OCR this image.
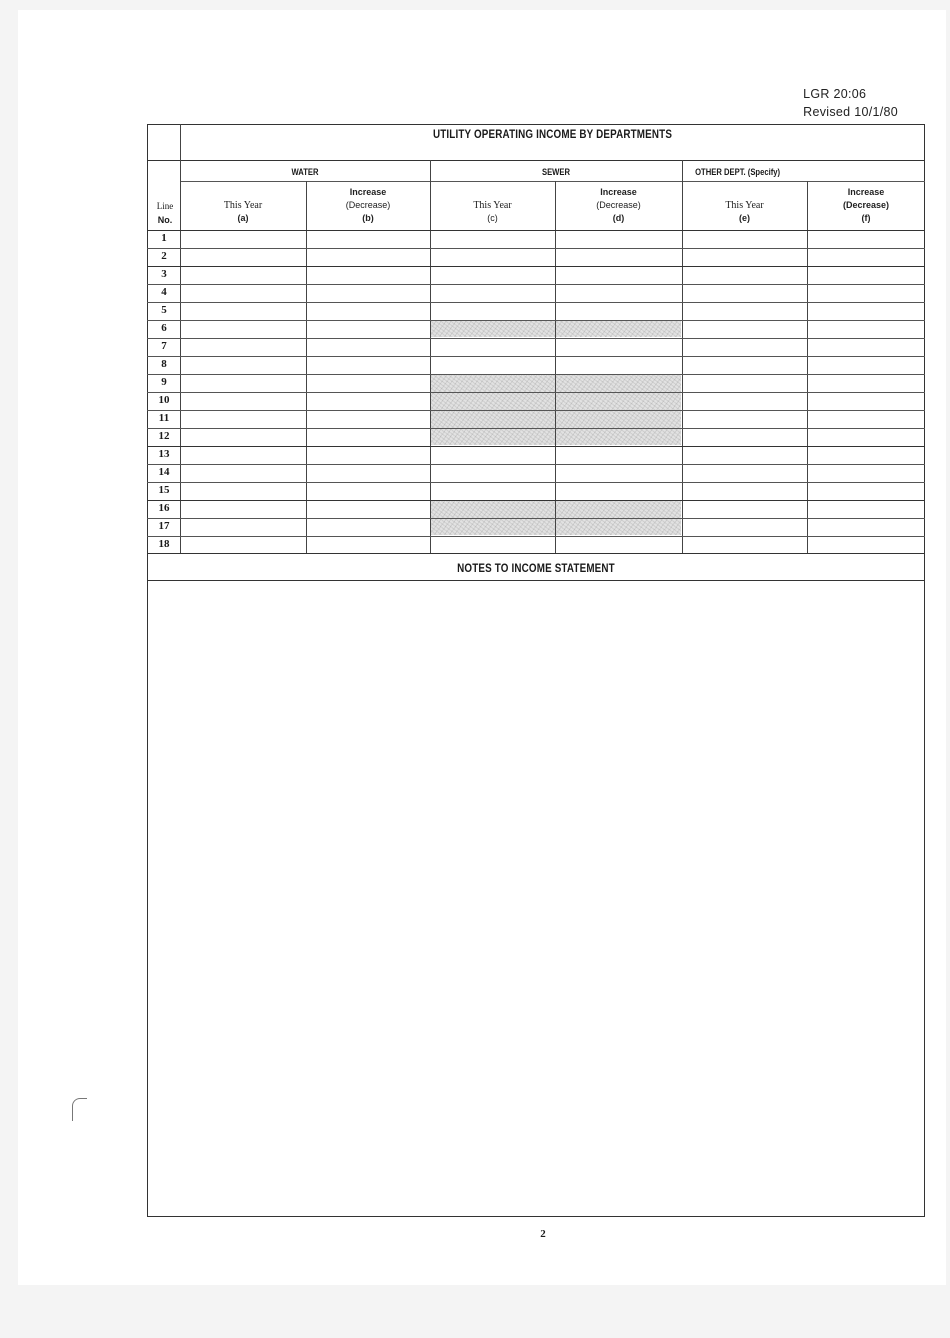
LGR 20:06
Revised 10/1/80
UTILITY OPERATING INCOME BY DEPARTMENTS
WATER	SEWER	OTHER DEPT. (Specify)
Line
No.
This Year
(a)
Increase
(Decrease)
(b)
This Year
(c)
Increase
(Decrease)
(d)
This Year
(e)
Increase
(Decrease)
(f)
1
2
3
4
5
6
7
8
9
10
11
12
13
14
15
16
17
18
NOTES TO INCOME STATEMENT
2
